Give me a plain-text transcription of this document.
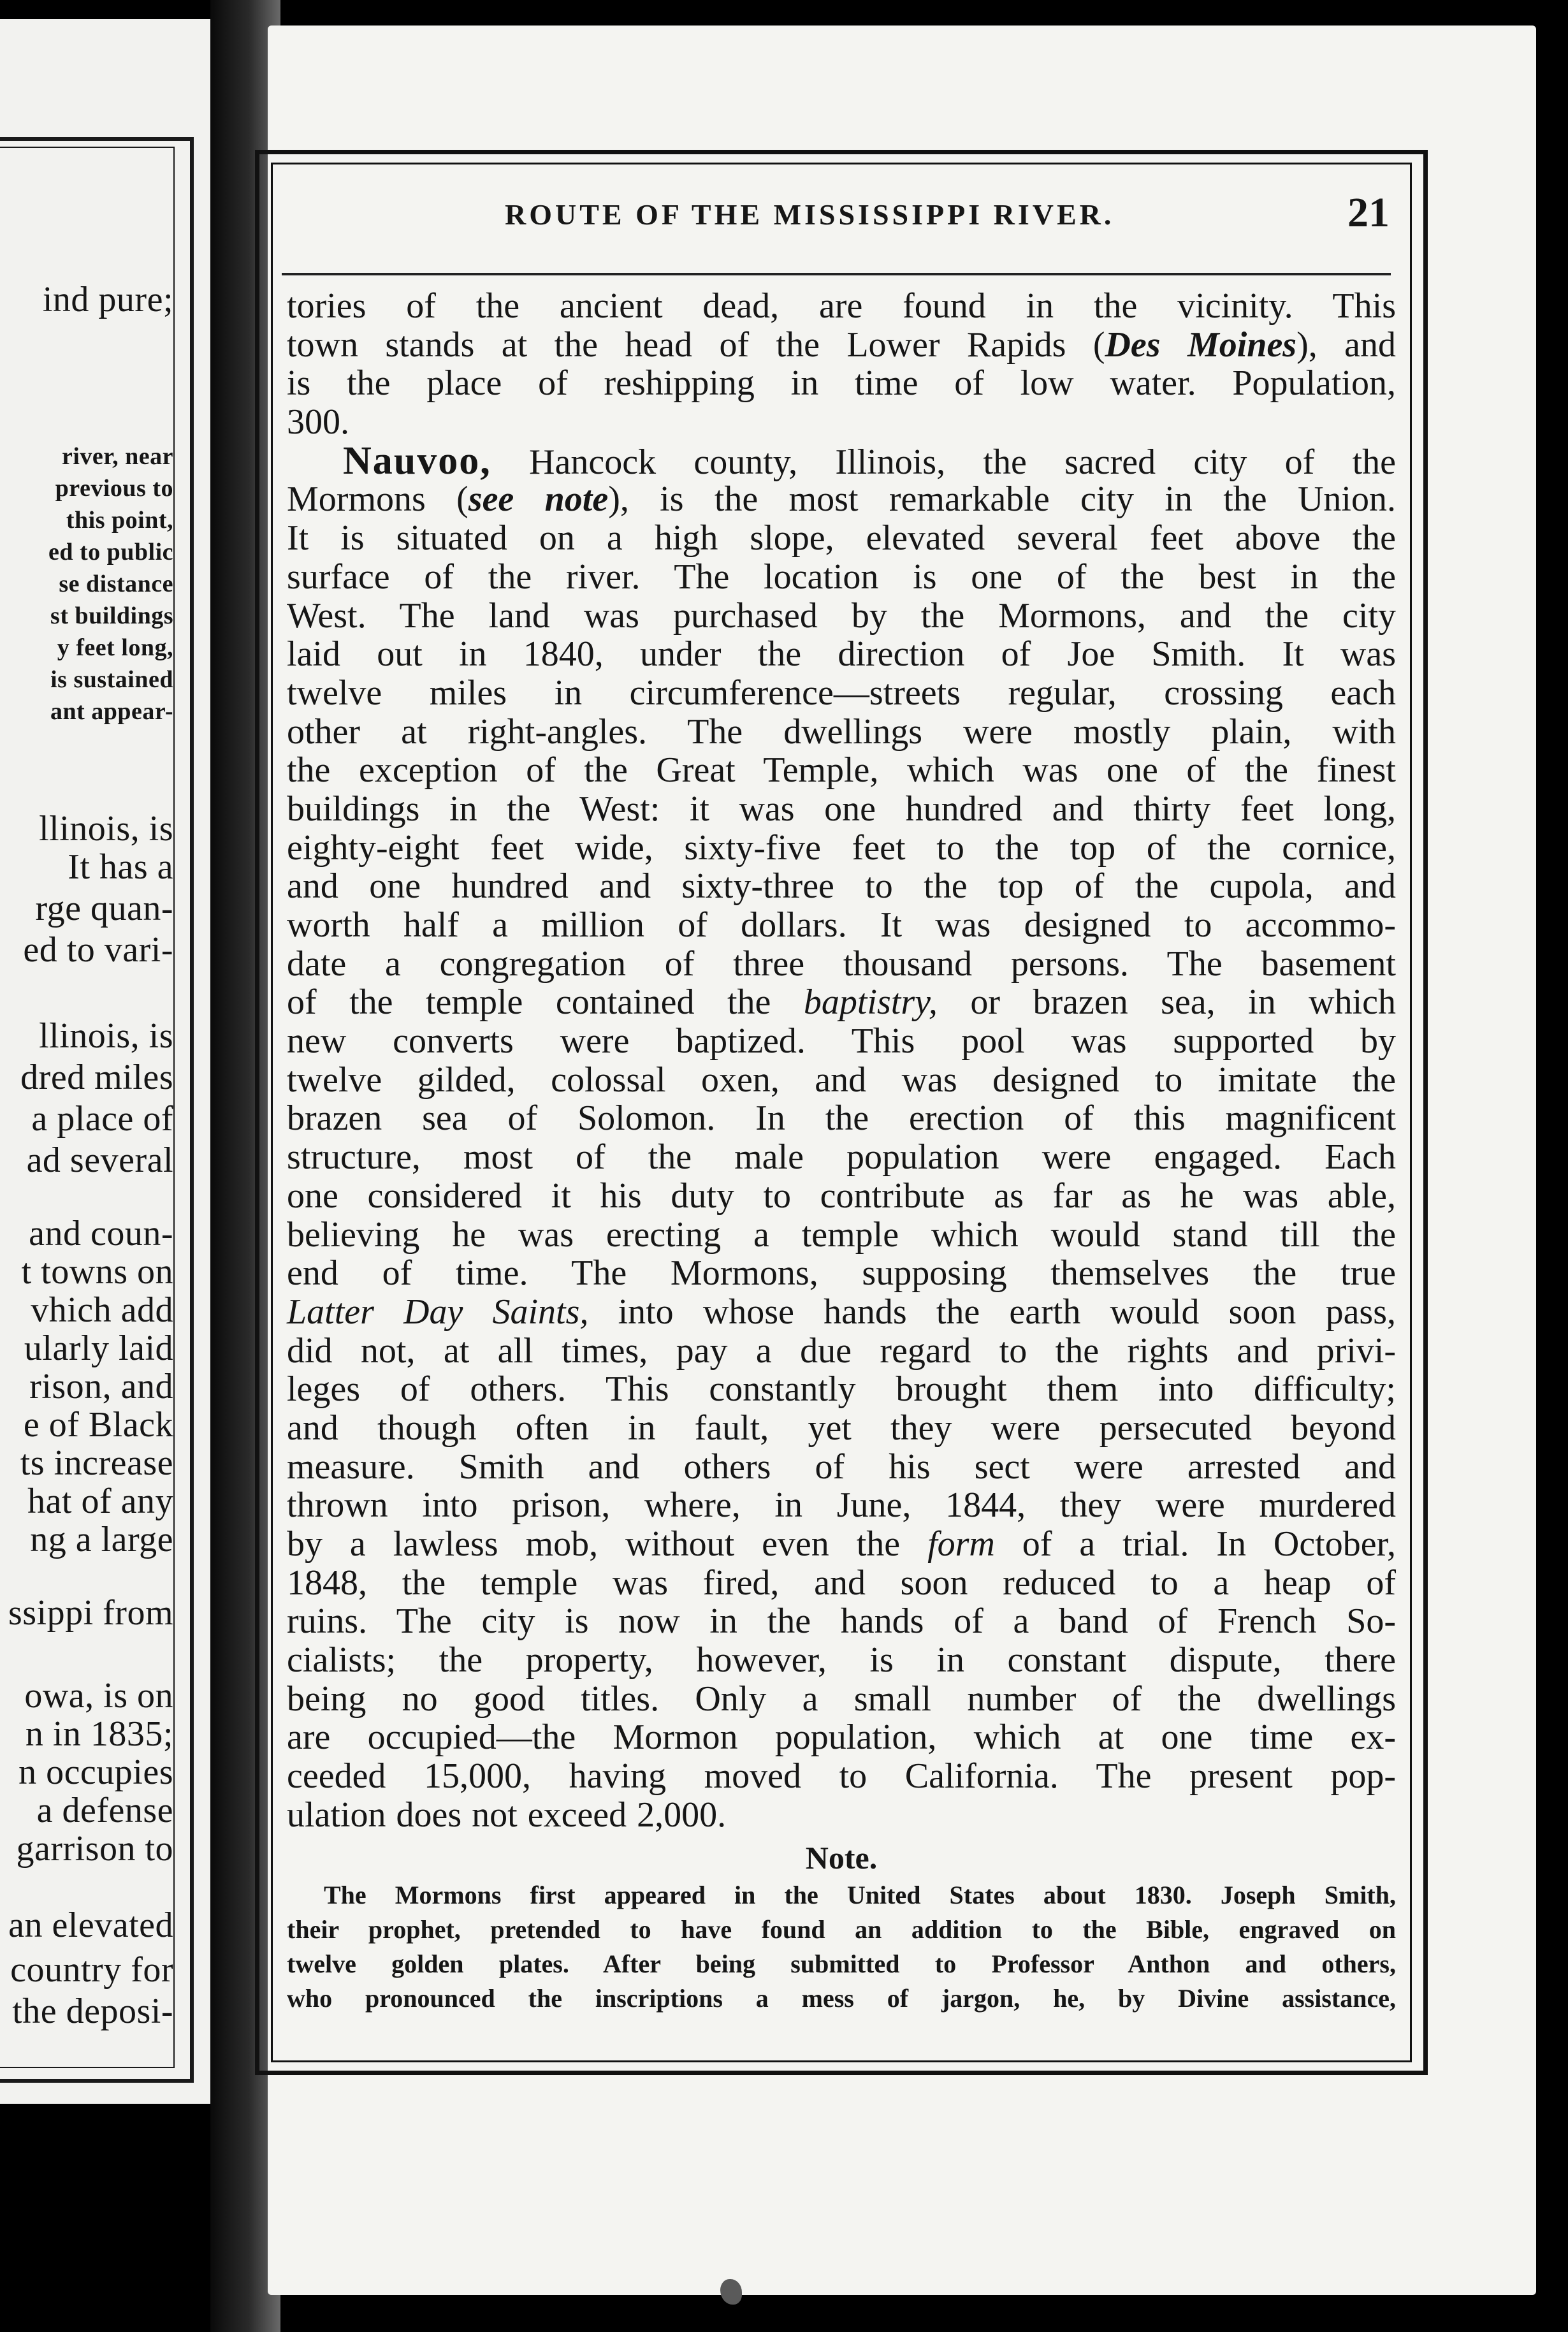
ind pure;
river, near
previous to
this point,
ed to public
se distance
st buildings
y feet long,
is sustained
ant appear-
llinois, is
It has a
rge quan-
ed to vari-
llinois, is
dred miles
a place of
ad several
and coun-
t towns on
vhich add
ularly laid
rison, and
e of Black
ts increase
hat of any
ng a large
ssippi from
owa, is on
n in 1835;
n occupies
a defense
garrison to
an elevated
country for
the deposi-
ROUTE OF THE MISSISSIPPI RIVER.	21
tories of the ancient dead, are found in the vicinity. This
town stands at the head of the Lower Rapids (Des Moines), and
is the place of reshipping in time of low water. Population,
300.
Nauvoo, Hancock county, Illinois, the sacred city of the
Mormons (see note), is the most remarkable city in the Union.
It is situated on a high slope, elevated several feet above the
surface of the river. The location is one of the best in the
West. The land was purchased by the Mormons, and the city
laid out in 1840, under the direction of Joe Smith. It was
twelve miles in circumference—streets regular, crossing each
other at right-angles. The dwellings were mostly plain, with
the exception of the Great Temple, which was one of the finest
buildings in the West: it was one hundred and thirty feet long,
eighty-eight feet wide, sixty-five feet to the top of the cornice,
and one hundred and sixty-three to the top of the cupola, and
worth half a million of dollars. It was designed to accommo-
date a congregation of three thousand persons. The basement
of the temple contained the baptistry, or brazen sea, in which
new converts were baptized. This pool was supported by
twelve gilded, colossal oxen, and was designed to imitate the
brazen sea of Solomon. In the erection of this magnificent
structure, most of the male population were engaged. Each
one considered it his duty to contribute as far as he was able,
believing he was erecting a temple which would stand till the
end of time. The Mormons, supposing themselves the true
Latter Day Saints, into whose hands the earth would soon pass,
did not, at all times, pay a due regard to the rights and privi-
leges of others. This constantly brought them into difficulty;
and though often in fault, yet they were persecuted beyond
measure. Smith and others of his sect were arrested and
thrown into prison, where, in June, 1844, they were murdered
by a lawless mob, without even the form of a trial. In October,
1848, the temple was fired, and soon reduced to a heap of
ruins. The city is now in the hands of a band of French So-
cialists; the property, however, is in constant dispute, there
being no good titles. Only a small number of the dwellings
are occupied—the Mormon population, which at one time ex-
ceeded 15,000, having moved to California. The present pop-
ulation does not exceed 2,000.
Note.
The Mormons first appeared in the United States about 1830. Joseph Smith,
their prophet, pretended to have found an addition to the Bible, engraved on
twelve golden plates. After being submitted to Professor Anthon and others,
who pronounced the inscriptions a mess of jargon, he, by Divine assistance,
